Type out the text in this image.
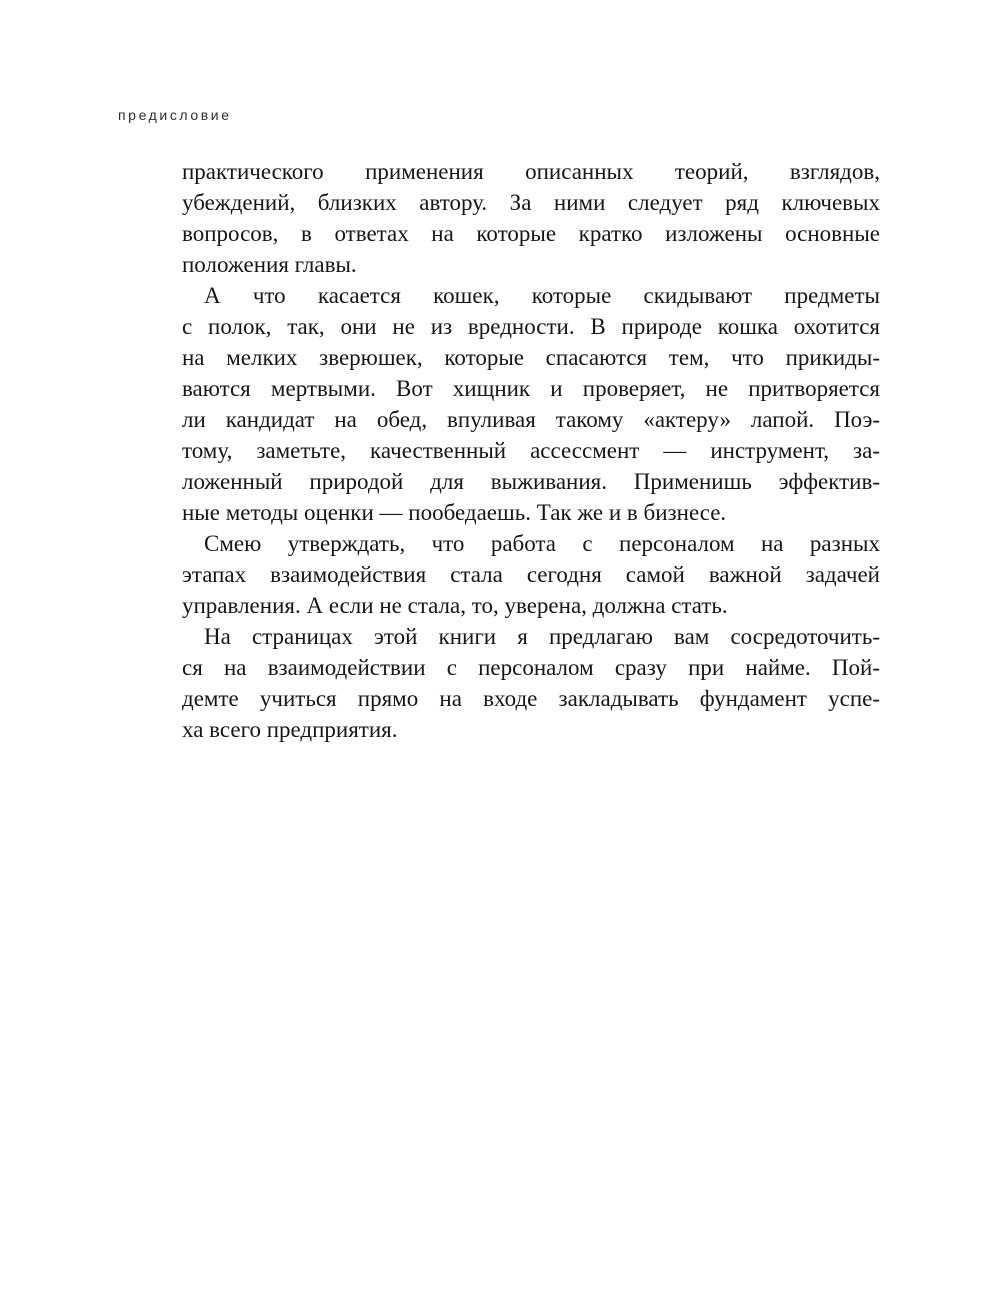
предисловие
практического применения описанных теорий, взглядов,
убеждений, близких автору. За ними следует ряд ключевых
вопросов, в ответах на которые кратко изложены основные
положения главы.
А что касается кошек, которые скидывают предметы
с полок, так, они не из вредности. В природе кошка охотится
на мелких зверюшек, которые спасаются тем, что прикиды-
ваются мертвыми. Вот хищник и проверяет, не притворяется
ли кандидат на обед, впуливая такому «актеру» лапой. Поэ-
тому, заметьте, качественный ассессмент — инструмент, за-
ложенный природой для выживания. Применишь эффектив-
ные методы оценки — пообедаешь. Так же и в бизнесе.
Смею утверждать, что работа с персоналом на разных
этапах взаимодействия стала сегодня самой важной задачей
управления. А если не стала, то, уверена, должна стать.
На страницах этой книги я предлагаю вам сосредоточить-
ся на взаимодействии с персоналом сразу при найме. Пой-
демте учиться прямо на входе закладывать фундамент успе-
ха всего предприятия.
